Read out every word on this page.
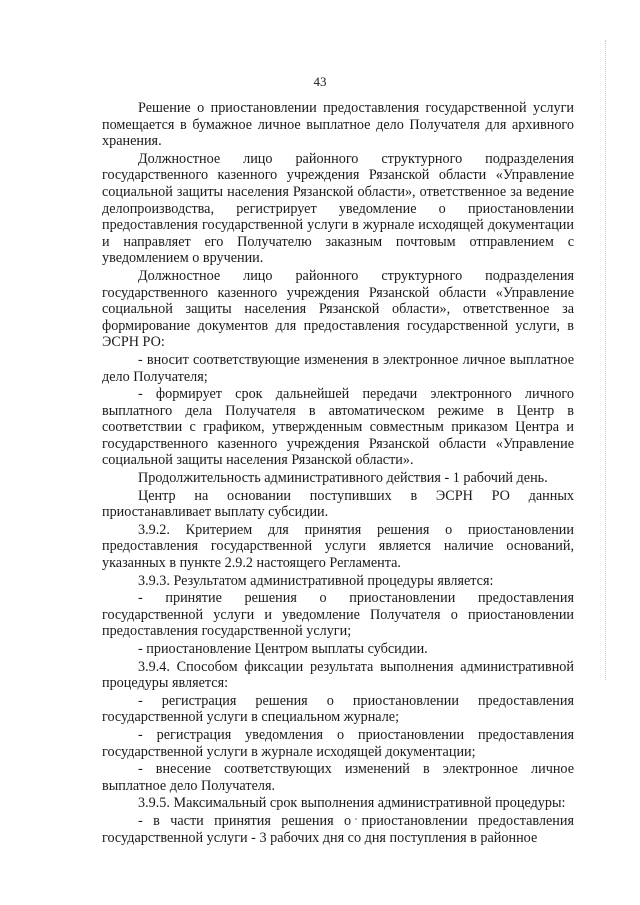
43

Решение о приостановлении предоставления государственной услуги помещается в бумажное личное выплатное дело Получателя для архивного хранения.

Должностное лицо районного структурного подразделения государственного казенного учреждения Рязанской области «Управление социальной защиты населения Рязанской области», ответственное за ведение делопроизводства, регистрирует уведомление о приостановлении предоставления государственной услуги в журнале исходящей документации и направляет его Получателю заказным почтовым отправлением с уведомлением о вручении.

Должностное лицо районного структурного подразделения государственного казенного учреждения Рязанской области «Управление социальной защиты населения Рязанской области», ответственное за формирование документов для предоставления государственной услуги, в ЭСРН РО:

- вносит соответствующие изменения в электронное личное выплатное дело Получателя;

- формирует срок дальнейшей передачи электронного личного выплатного дела Получателя в автоматическом режиме в Центр в соответствии с графиком, утвержденным совместным приказом Центра и государственного казенного учреждения Рязанской области «Управление социальной защиты населения Рязанской области».

Продолжительность административного действия - 1 рабочий день.

Центр на основании поступивших в ЭСРН РО данных приостанавливает выплату субсидии.

3.9.2. Критерием для принятия решения о приостановлении предоставления государственной услуги является наличие оснований, указанных в пункте 2.9.2 настоящего Регламента.

3.9.3. Результатом административной процедуры является:

- принятие решения о приостановлении предоставления государственной услуги и уведомление Получателя о приостановлении предоставления государственной услуги;

- приостановление Центром выплаты субсидии.

3.9.4. Способом фиксации результата выполнения административной процедуры является:

- регистрация решения о приостановлении предоставления государственной услуги в специальном журнале;

- регистрация уведомления о приостановлении предоставления государственной услуги в журнале исходящей документации;

- внесение соответствующих изменений в электронное личное выплатное дело Получателя.

3.9.5. Максимальный срок выполнения административной процедуры:

- в части принятия решения о приостановлении предоставления государственной услуги - 3 рабочих дня со дня поступления в районное
